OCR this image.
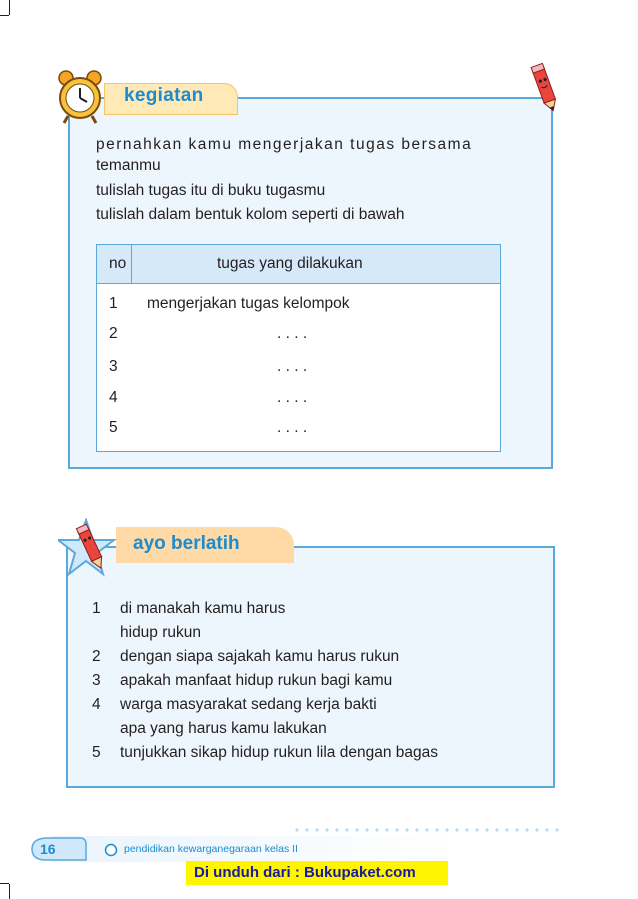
kegiatan
pernahkan kamu mengerjakan tugas bersama
temanmu
tulislah tugas itu di buku tugasmu
tulislah dalam bentuk kolom seperti di bawah
no	tugas yang dilakukan
1 mengerjakan tugas kelompok
2	. . . .
3	. . . .
4	. . . .
5	. . . .
ayo berlatih
1 di manakah kamu harus
hidup rukun
2 dengan siapa sajakah kamu harus rukun
3 apakah manfaat hidup rukun bagi kamu
4 warga masyarakat sedang kerja bakti
apa yang harus kamu lakukan
5 tunjukkan sikap hidup rukun lila dengan bagas
16	pendidikan kewarganegaraan kelas II
Di unduh dari : Bukupaket.com
